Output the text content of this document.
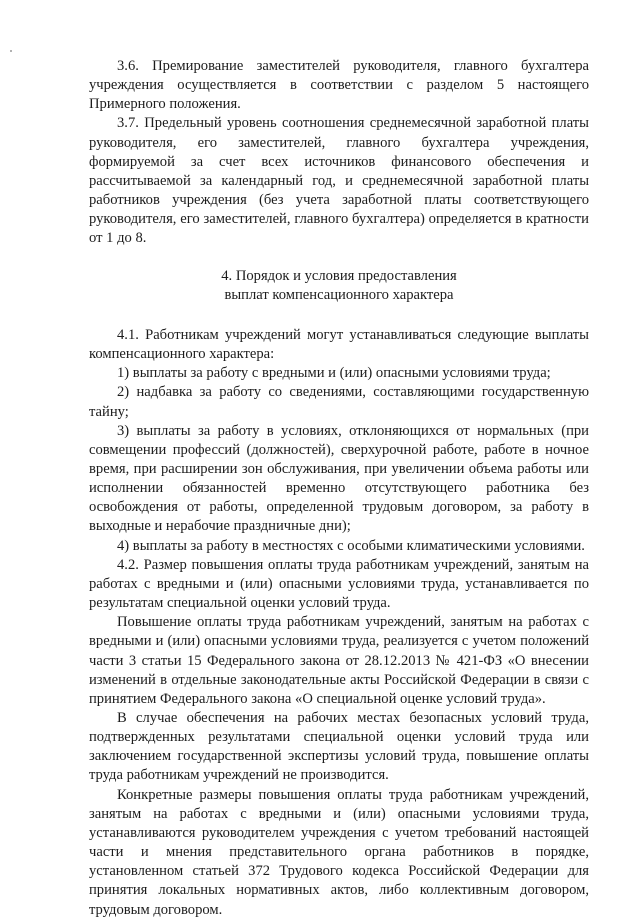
3.6. Премирование заместителей руководителя, главного бухгалтера учреждения осуществляется в соответствии с разделом 5 настоящего Примерного положения.

3.7. Предельный уровень соотношения среднемесячной заработной платы руководителя, его заместителей, главного бухгалтера учреждения, формируемой за счет всех источников финансового обеспечения и рассчитываемой за календарный год, и среднемесячной заработной платы работников учреждения (без учета заработной платы соответствующего руководителя, его заместителей, главного бухгалтера) определяется в кратности от 1 до 8.

4. Порядок и условия предоставления
выплат компенсационного характера

4.1. Работникам учреждений могут устанавливаться следующие выплаты компенсационного характера:

1) выплаты за работу с вредными и (или) опасными условиями труда;

2) надбавка за работу со сведениями, составляющими государственную тайну;

3) выплаты за работу в условиях, отклоняющихся от нормальных (при совмещении профессий (должностей), сверхурочной работе, работе в ночное время, при расширении зон обслуживания, при увеличении объема работы или исполнении обязанностей временно отсутствующего работника без освобождения от работы, определенной трудовым договором, за работу в выходные и нерабочие праздничные дни);

4) выплаты за работу в местностях с особыми климатическими условиями.

4.2. Размер повышения оплаты труда работникам учреждений, занятым на работах с вредными и (или) опасными условиями труда, устанавливается по результатам специальной оценки условий труда.

Повышение оплаты труда работникам учреждений, занятым на работах с вредными и (или) опасными условиями труда, реализуется с учетом положений части 3 статьи 15 Федерального закона от 28.12.2013 № 421-ФЗ «О внесении изменений в отдельные законодательные акты Российской Федерации в связи с принятием Федерального закона «О специальной оценке условий труда».

В случае обеспечения на рабочих местах безопасных условий труда, подтвержденных результатами специальной оценки условий труда или заключением государственной экспертизы условий труда, повышение оплаты труда работникам учреждений не производится.

Конкретные размеры повышения оплаты труда работникам учреждений, занятым на работах с вредными и (или) опасными условиями труда, устанавливаются руководителем учреждения с учетом требований настоящей части и мнения представительного органа работников в порядке, установленном статьей 372 Трудового кодекса Российской Федерации для принятия локальных нормативных актов, либо коллективным договором, трудовым договором.
